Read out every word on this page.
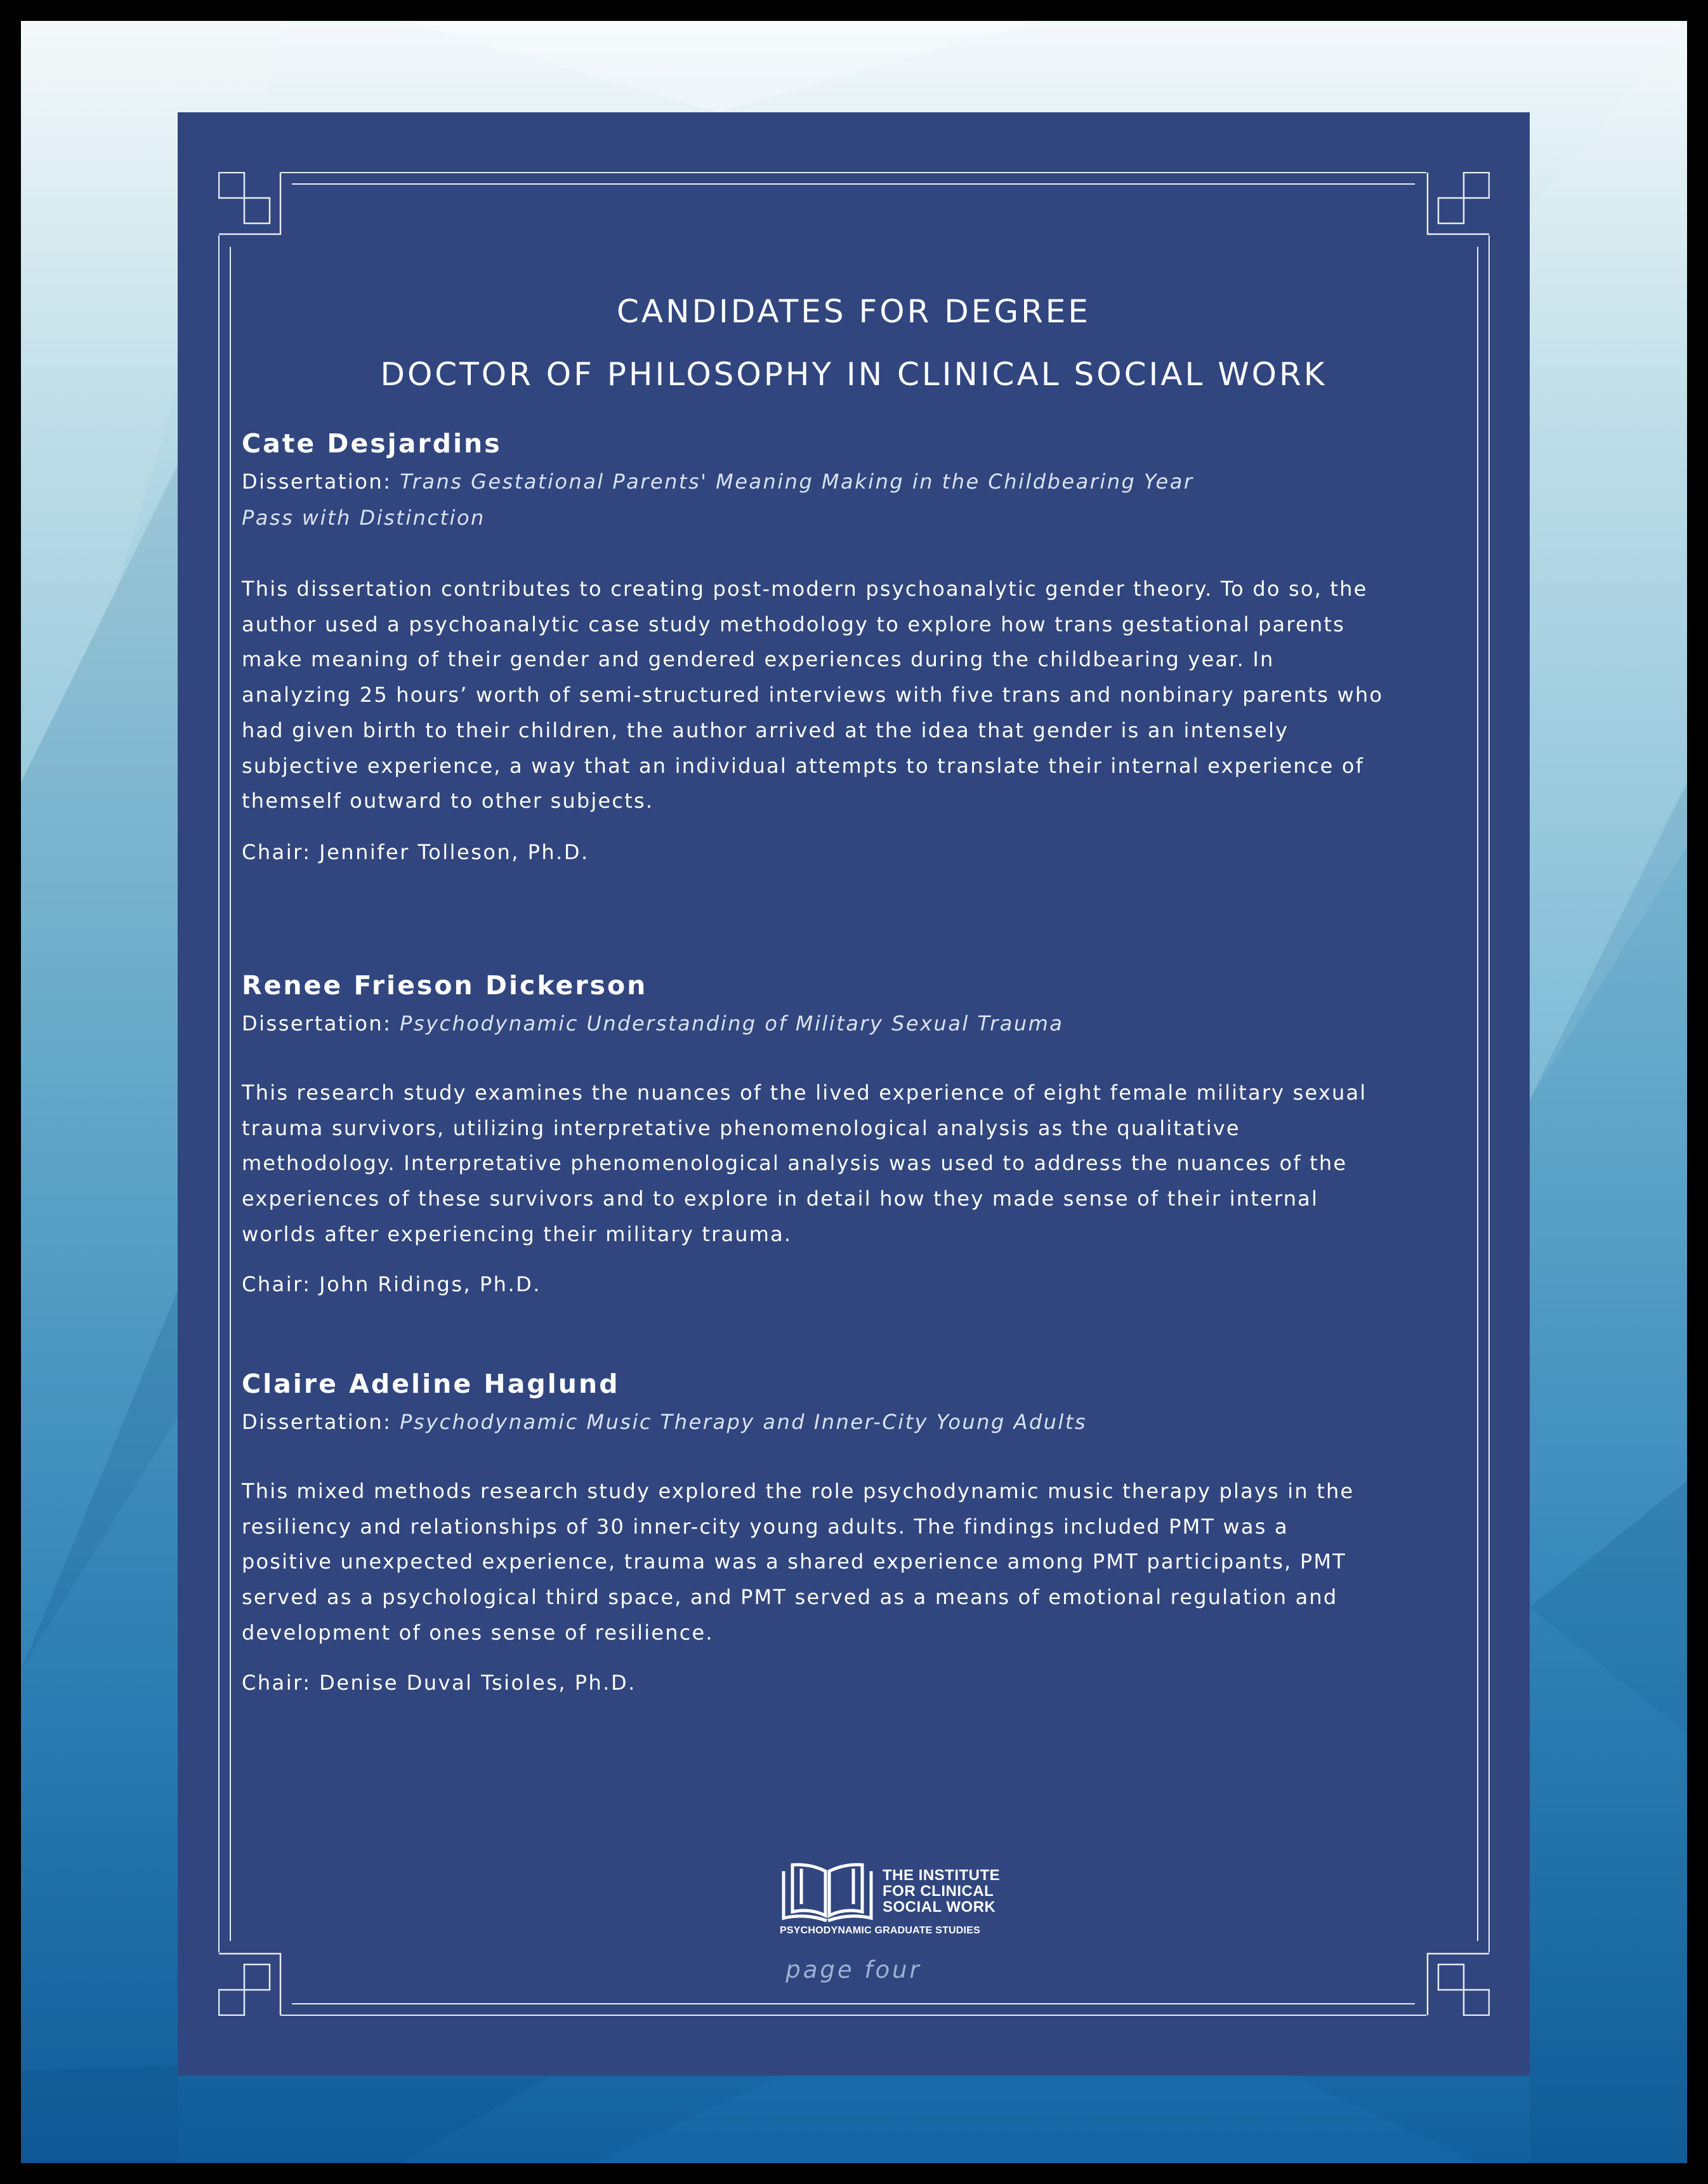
CANDIDATES FOR DEGREE
DOCTOR OF PHILOSOPHY IN CLINICAL SOCIAL WORK
Cate Desjardins
Dissertation: Trans Gestational Parents' Meaning Making in the Childbearing Year
Pass with Distinction

This dissertation contributes to creating post-modern psychoanalytic gender theory. To do so, the
author used a psychoanalytic case study methodology to explore how trans gestational parents
make meaning of their gender and gendered experiences during the childbearing year. In
analyzing 25 hours’ worth of semi-structured interviews with five trans and nonbinary parents who
had given birth to their children, the author arrived at the idea that gender is an intensely
subjective experience, a way that an individual attempts to translate their internal experience of
themself outward to other subjects.

Chair: Jennifer Tolleson, Ph.D.

Renee Frieson Dickerson
Dissertation: Psychodynamic Understanding of Military Sexual Trauma

This research study examines the nuances of the lived experience of eight female military sexual
trauma survivors, utilizing interpretative phenomenological analysis as the qualitative
methodology. Interpretative phenomenological analysis was used to address the nuances of the
experiences of these survivors and to explore in detail how they made sense of their internal
worlds after experiencing their military trauma.

Chair: John Ridings, Ph.D.

Claire Adeline Haglund
Dissertation: Psychodynamic Music Therapy and Inner-City Young Adults

This mixed methods research study explored the role psychodynamic music therapy plays in the
resiliency and relationships of 30 inner-city young adults. The findings included PMT was a
positive unexpected experience, trauma was a shared experience among PMT participants, PMT
served as a psychological third space, and PMT served as a means of emotional regulation and
development of ones sense of resilience.

Chair: Denise Duval Tsioles, Ph.D.

THE INSTITUTE
FOR CLINICAL
SOCIAL WORK
PSYCHODYNAMIC GRADUATE STUDIES
page four
